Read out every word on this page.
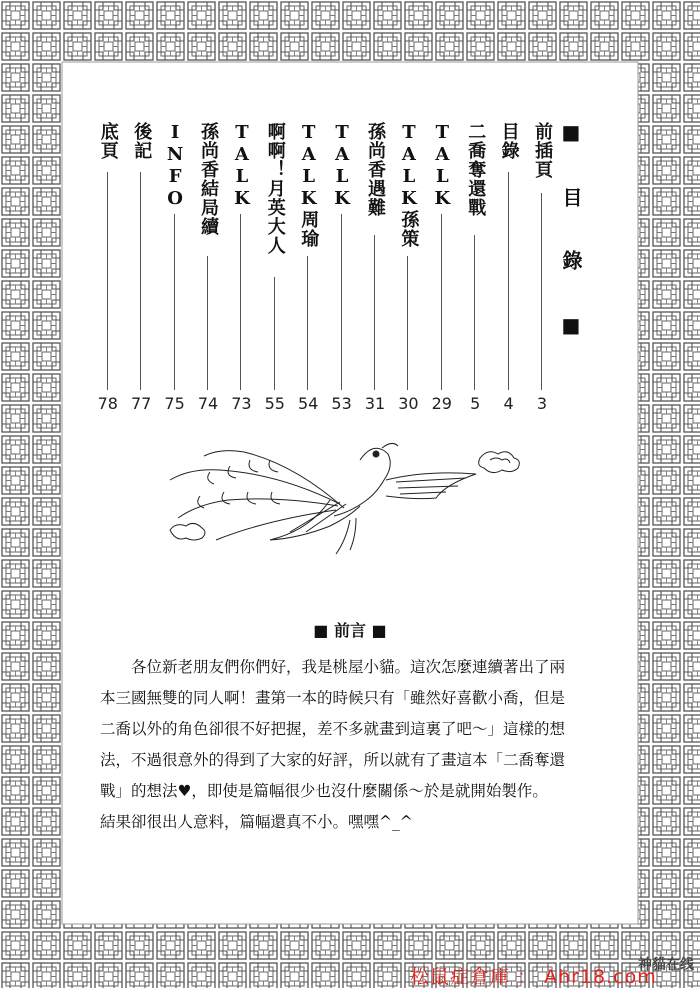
■ 目 錄 ■
前插頁
3
目錄
4
二喬奪還戰
5
TALK
29
TALK孫策
30
孫尚香遇難
31
TALK
53
TALK周瑜
54
啊啊！月英大人
55
TALK
73
孫尚香結局續
74
INFO
75
後記
77
底頁
78
■ 前言 ■

各位新老朋友們你們好，我是桃屋小貓。這次怎麼連續著出了兩

本三國無雙的同人啊！畫第一本的時候只有「雖然好喜歡小喬，但是

二喬以外的角色卻很不好把握，差不多就畫到這裏了吧～」這樣的想

法，不過很意外的得到了大家的好評，所以就有了畫這本「二喬奪還

戰」的想法♥，即使是篇幅很少也沒什麼關係～於是就開始製作。

結果卻很出人意料，篇幅還真不小。嘿嘿^_^

松鼠症倉庫 ： Ahr18.com
神貓在线
